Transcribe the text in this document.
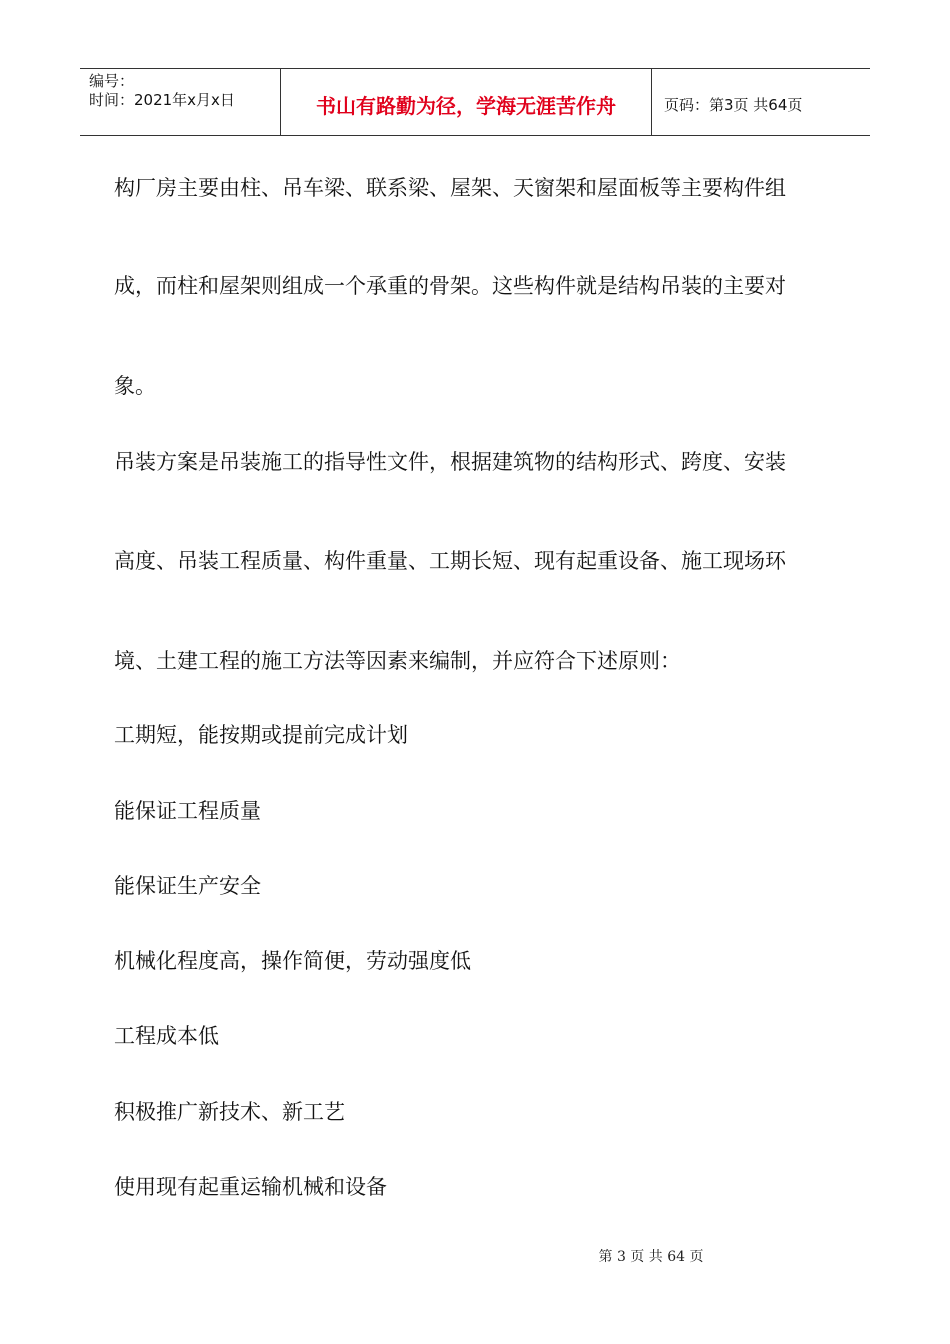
编号：
时间：2021年x月x日	书山有路勤为径，学海无涯苦作舟	页码：第3页 共64页

构厂房主要由柱、吊车梁、联系梁、屋架、天窗架和屋面板等主要构件组

成，而柱和屋架则组成一个承重的骨架。这些构件就是结构吊装的主要对

象。

吊装方案是吊装施工的指导性文件，根据建筑物的结构形式、跨度、安装

高度、吊装工程质量、构件重量、工期长短、现有起重设备、施工现场环

境、土建工程的施工方法等因素来编制，并应符合下述原则：

工期短，能按期或提前完成计划

能保证工程质量

能保证生产安全

机械化程度高，操作简便，劳动强度低

工程成本低

积极推广新技术、新工艺

使用现有起重运输机械和设备

第 3 页 共 64 页
